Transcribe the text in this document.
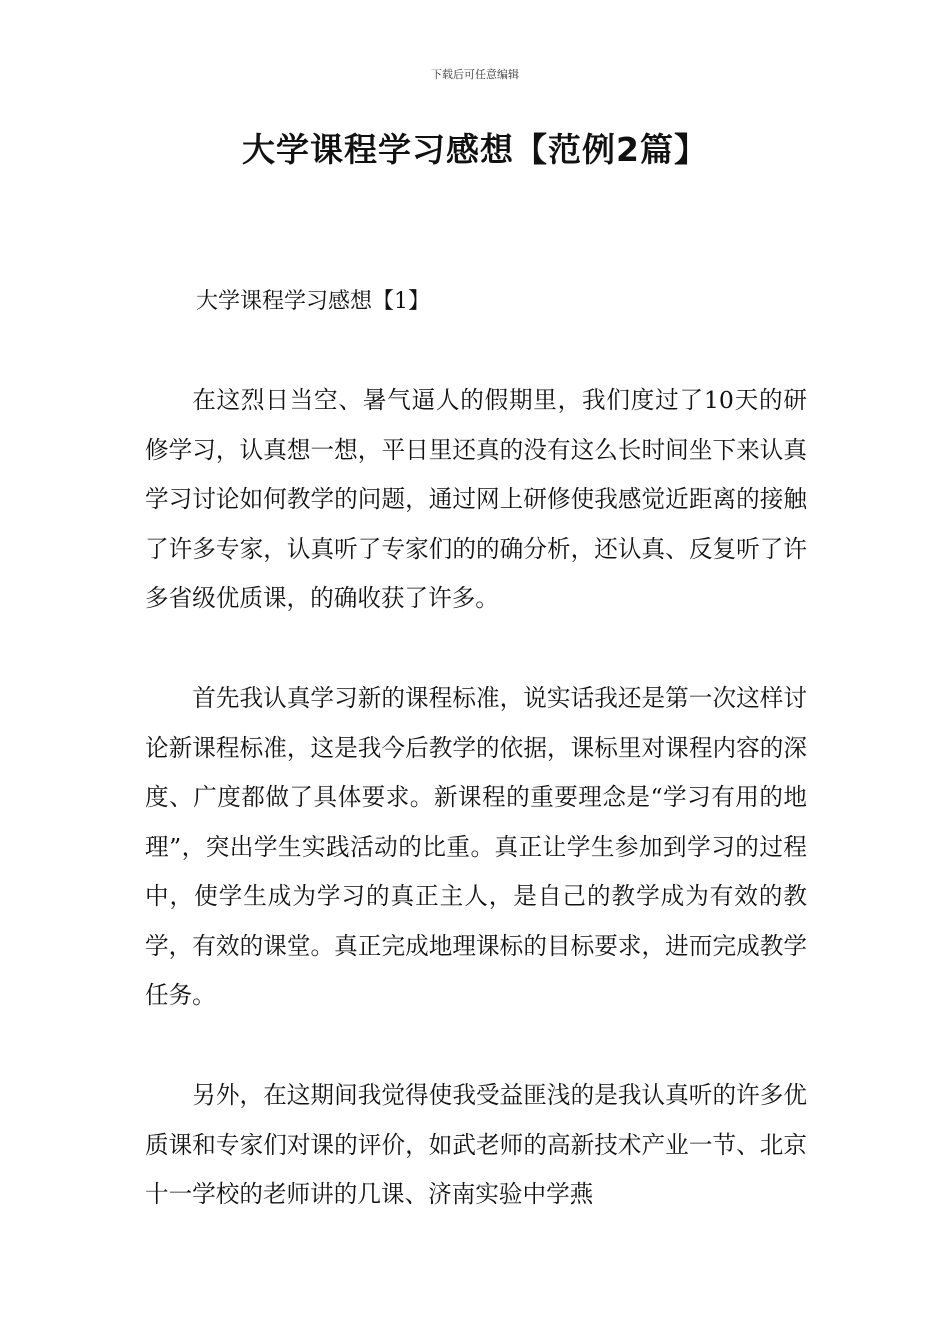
下载后可任意编辑
大学课程学习感想【范例2篇】
大学课程学习感想【1】

在这烈日当空、暑气逼人的假期里，我们度过了10天的研修学习，认真想一想，平日里还真的没有这么长时间坐下来认真学习讨论如何教学的问题，通过网上研修使我感觉近距离的接触了许多专家，认真听了专家们的的确分析，还认真、反复听了许多省级优质课，的确收获了许多。

首先我认真学习新的课程标准，说实话我还是第一次这样讨论新课程标准，这是我今后教学的依据，课标里对课程内容的深度、广度都做了具体要求。新课程的重要理念是“学习有用的地理”，突出学生实践活动的比重。真正让学生参加到学习的过程中，使学生成为学习的真正主人，是自己的教学成为有效的教学，有效的课堂。真正完成地理课标的目标要求，进而完成教学任务。

另外，在这期间我觉得使我受益匪浅的是我认真听的许多优质课和专家们对课的评价，如武老师的高新技术产业一节、北京十一学校的老师讲的几课、济南实验中学燕
